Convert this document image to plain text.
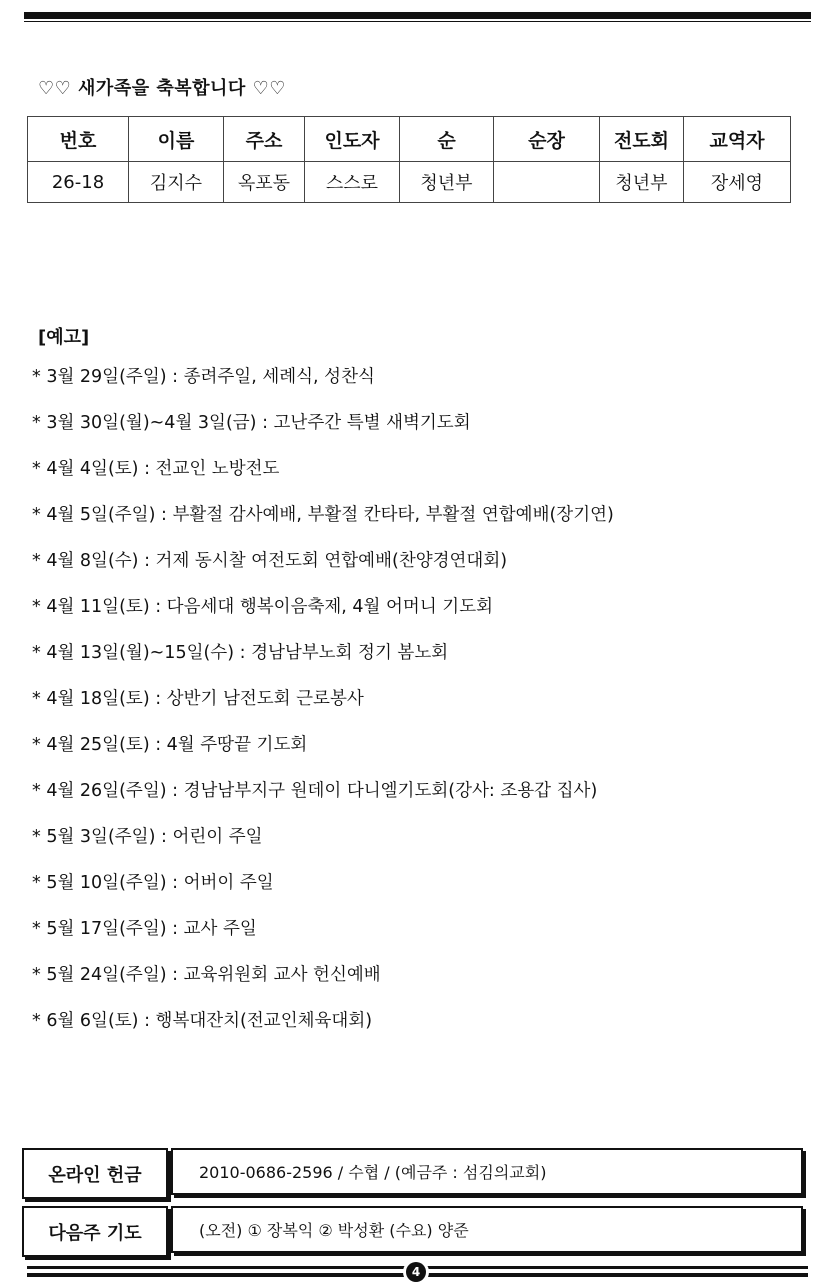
♡♡ 새가족을 축복합니다 ♡♡
번호	이름	주소	인도자	순	순장	전도회	교역자
26-18	김지수	옥포동	스스로	청년부		청년부	장세영
[예고]
* 3월 29일(주일) : 종려주일, 세례식, 성찬식
* 3월 30일(월)~4월 3일(금) : 고난주간 특별 새벽기도회
* 4월 4일(토) : 전교인 노방전도
* 4월 5일(주일) : 부활절 감사예배, 부활절 칸타타, 부활절 연합예배(장기연)
* 4월 8일(수) : 거제 동시찰 여전도회 연합예배(찬양경연대회)
* 4월 11일(토) : 다음세대 행복이음축제, 4월 어머니 기도회
* 4월 13일(월)~15일(수) : 경남남부노회 정기 봄노회
* 4월 18일(토) : 상반기 남전도회 근로봉사
* 4월 25일(토) : 4월 주땅끝 기도회
* 4월 26일(주일) : 경남남부지구 원데이 다니엘기도회(강사: 조용갑 집사)
* 5월 3일(주일) : 어린이 주일
* 5월 10일(주일) : 어버이 주일
* 5월 17일(주일) : 교사 주일
* 5월 24일(주일) : 교육위원회 교사 헌신예배
* 6월 6일(토) : 행복대잔치(전교인체육대회)
온라인 헌금	2010-0686-2596 / 수협 / (예금주 : 섬김의교회)
다음주 기도	(오전) ① 장복익 ② 박성환 (수요) 양준
4
